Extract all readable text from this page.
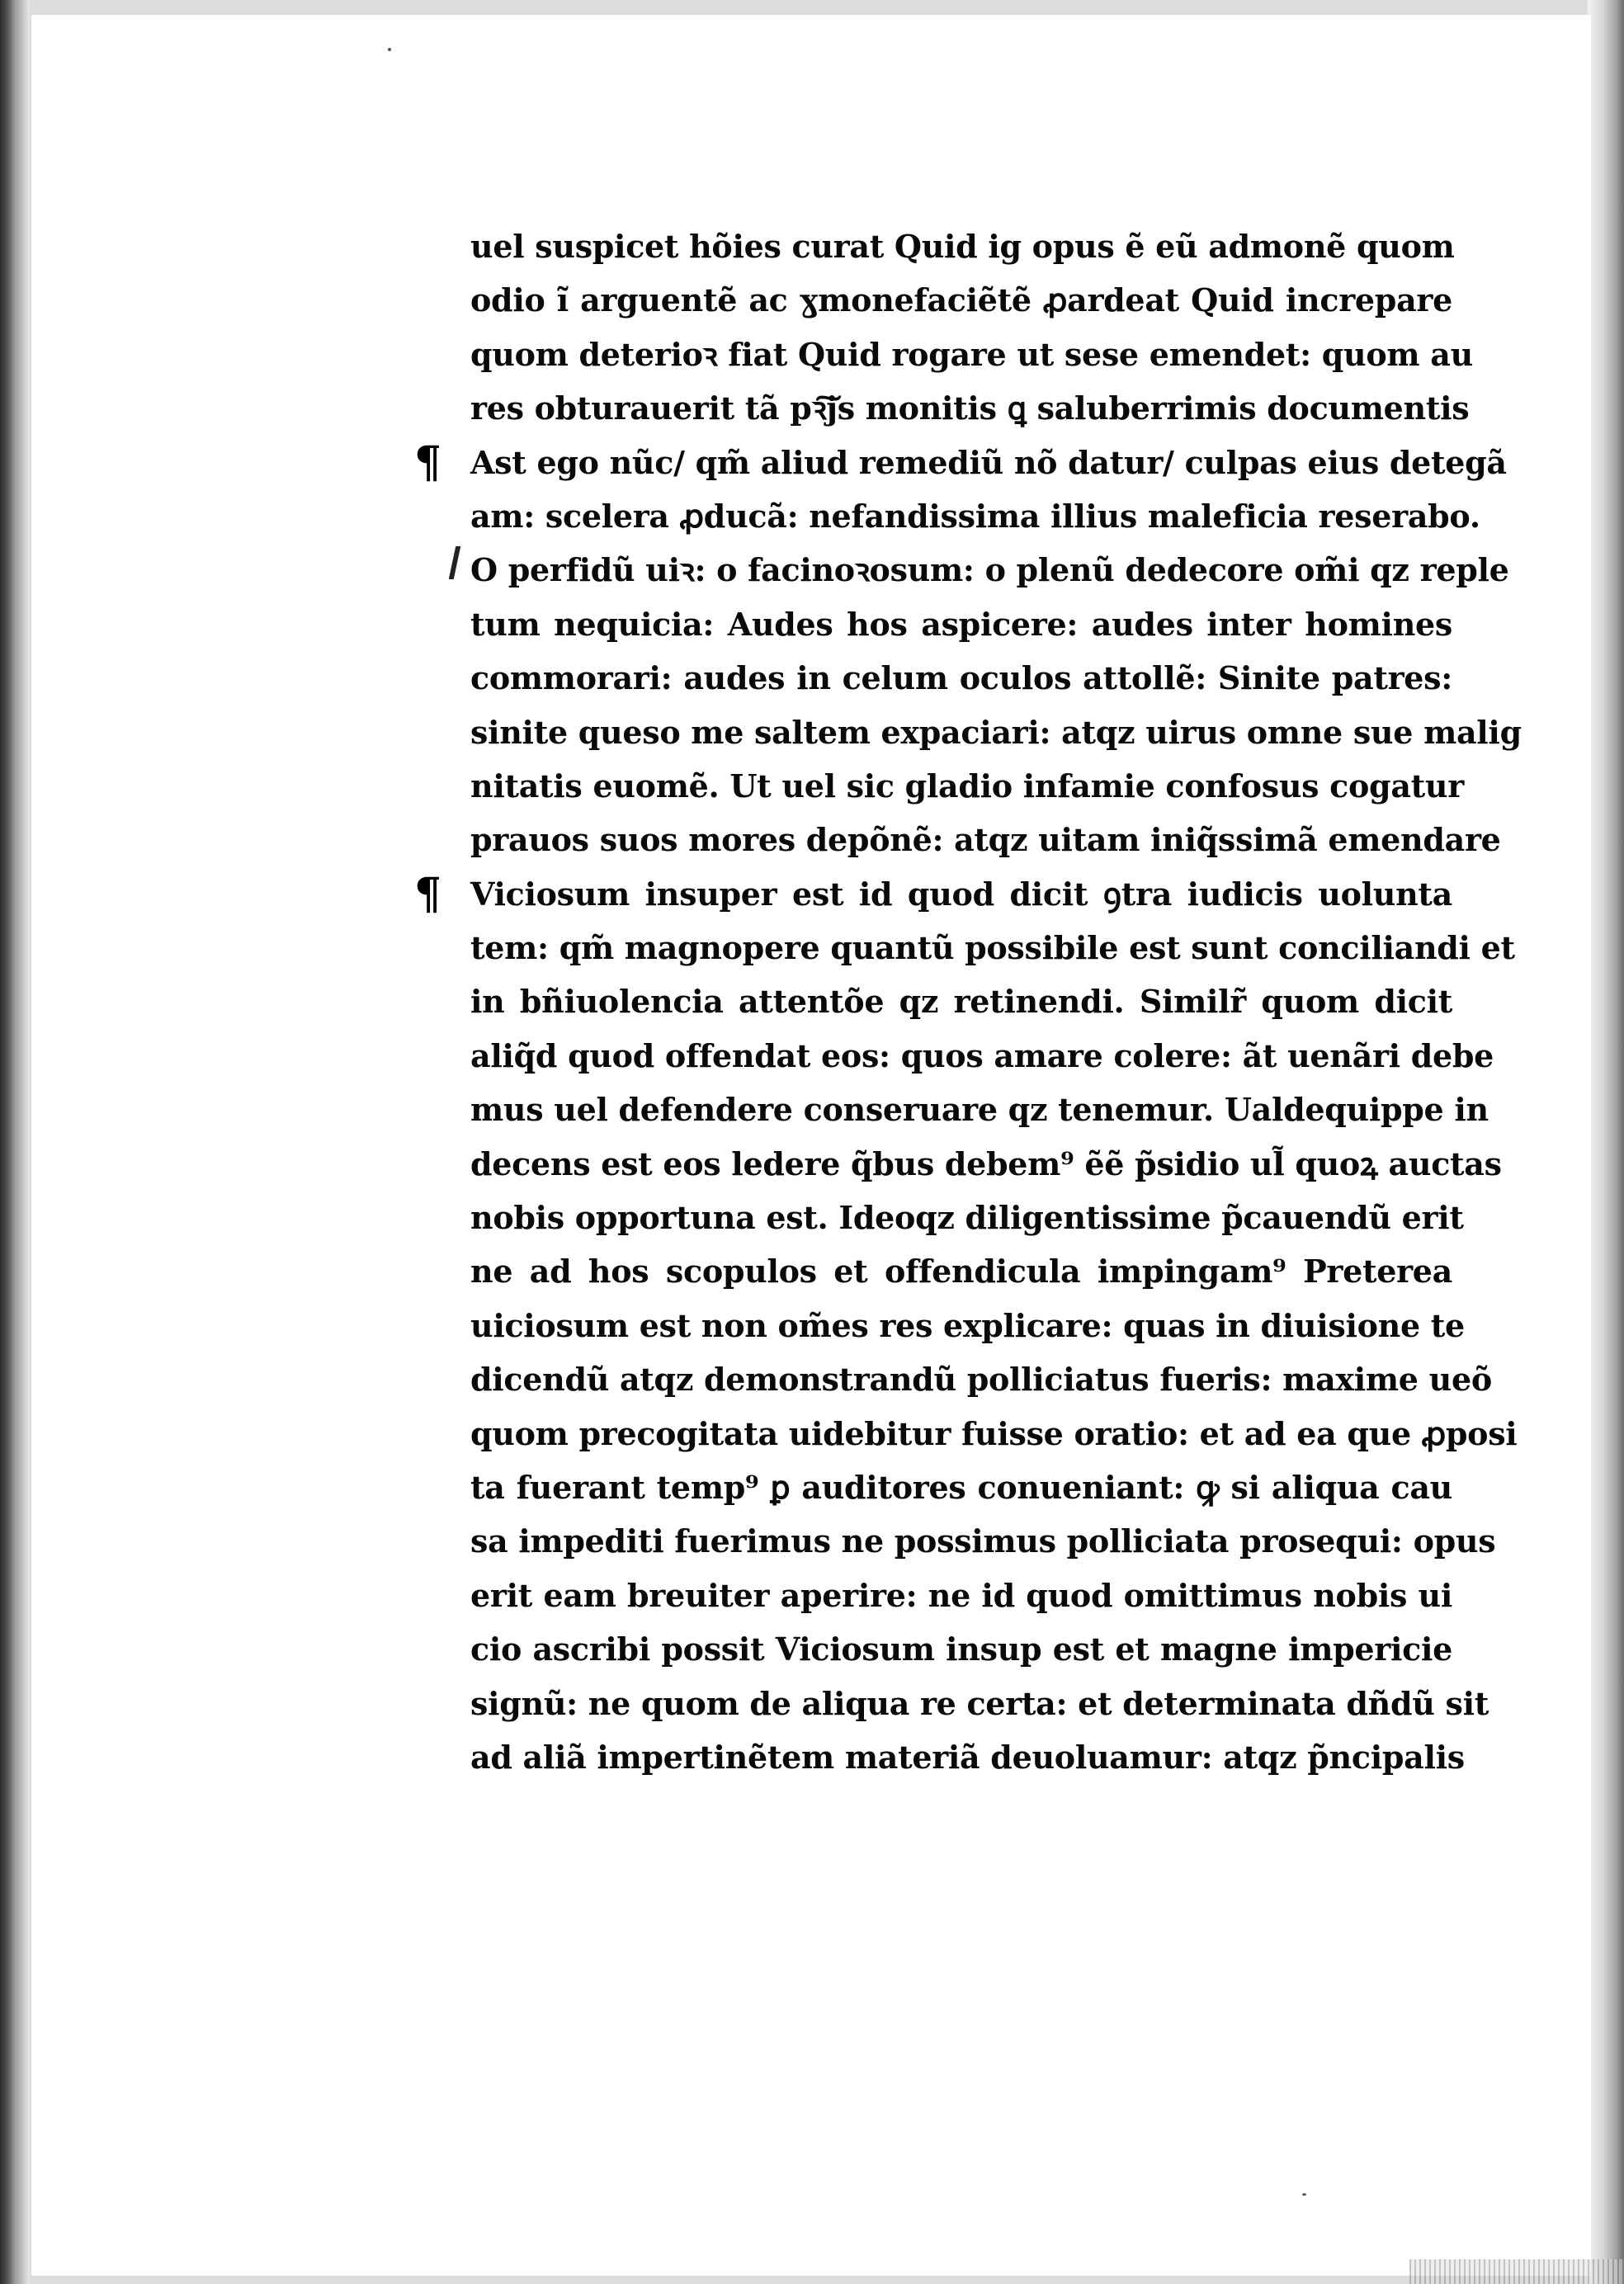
uel suspicet hõies curat Quid ig opus ẽ eũ admonẽ quom
odio ĩ arguentẽ ac ɣmonefaciẽtẽ ꝓardeat Quid increpare
quom deterioꝛ fiat Quid rogare ut sese emendet: quom au
res obturauerit tã pꝛ͠js monitis ꝗ saluberrimis documentis
¶ Ast ego nũc/ qm̃ aliud remediũ nõ datur/ culpas eius detegã
am: scelera ꝓducã: nefandissima illius maleficia reserabo.
O perfidũ uiꝛ: o facinoꝛosum: o plenũ dedecore om̃i qz reple
tum nequicia: Audes hos aspicere: audes inter homines
commorari: audes in celum oculos attollẽ: Sinite patres:
sinite queso me saltem expaciari: atqz uirus omne sue malig
nitatis euomẽ. Ut uel sic gladio infamie confosus cogatur
prauos suos mores depõnẽ: atqz uitam iniq̃ssimã emendare
¶ Viciosum insuper est id quod dicit ꝯtra iudicis uolunta
tem: qm̃ magnopere quantũ possibile est sunt conciliandi et
in bñiuolencia attentõe qz retinendi. Similr̃ quom dicit
aliq̃d quod offendat eos: quos amare colere: ãt uenãri debe
mus uel defendere conseruare qz tenemur. Ualdequippe in
decens est eos ledere q̃bus debem⁹ ẽẽ p̃sidio ul̃ quoꝝ auctas
nobis opportuna est. Ideoqz diligentissime p̃cauendũ erit
ne ad hos scopulos et offendicula impingam⁹ Preterea
uiciosum est non om̃es res explicare: quas in diuisione te
dicendũ atqz demonstrandũ polliciatus fueris: maxime ueõ
quom precogitata uidebitur fuisse oratio: et ad ea que ꝓposi
ta fuerant temp⁹ ꝑ auditores conueniant: ꝙ si aliqua cau
sa impediti fuerimus ne possimus polliciata prosequi: opus
erit eam breuiter aperire: ne id quod omittimus nobis ui
cio ascribi possit Viciosum insup est et magne impericie
signũ: ne quom de aliqua re certa: et determinata dñdũ sit
ad aliã impertinẽtem materiã deuoluamur: atqz p̃ncipalis
